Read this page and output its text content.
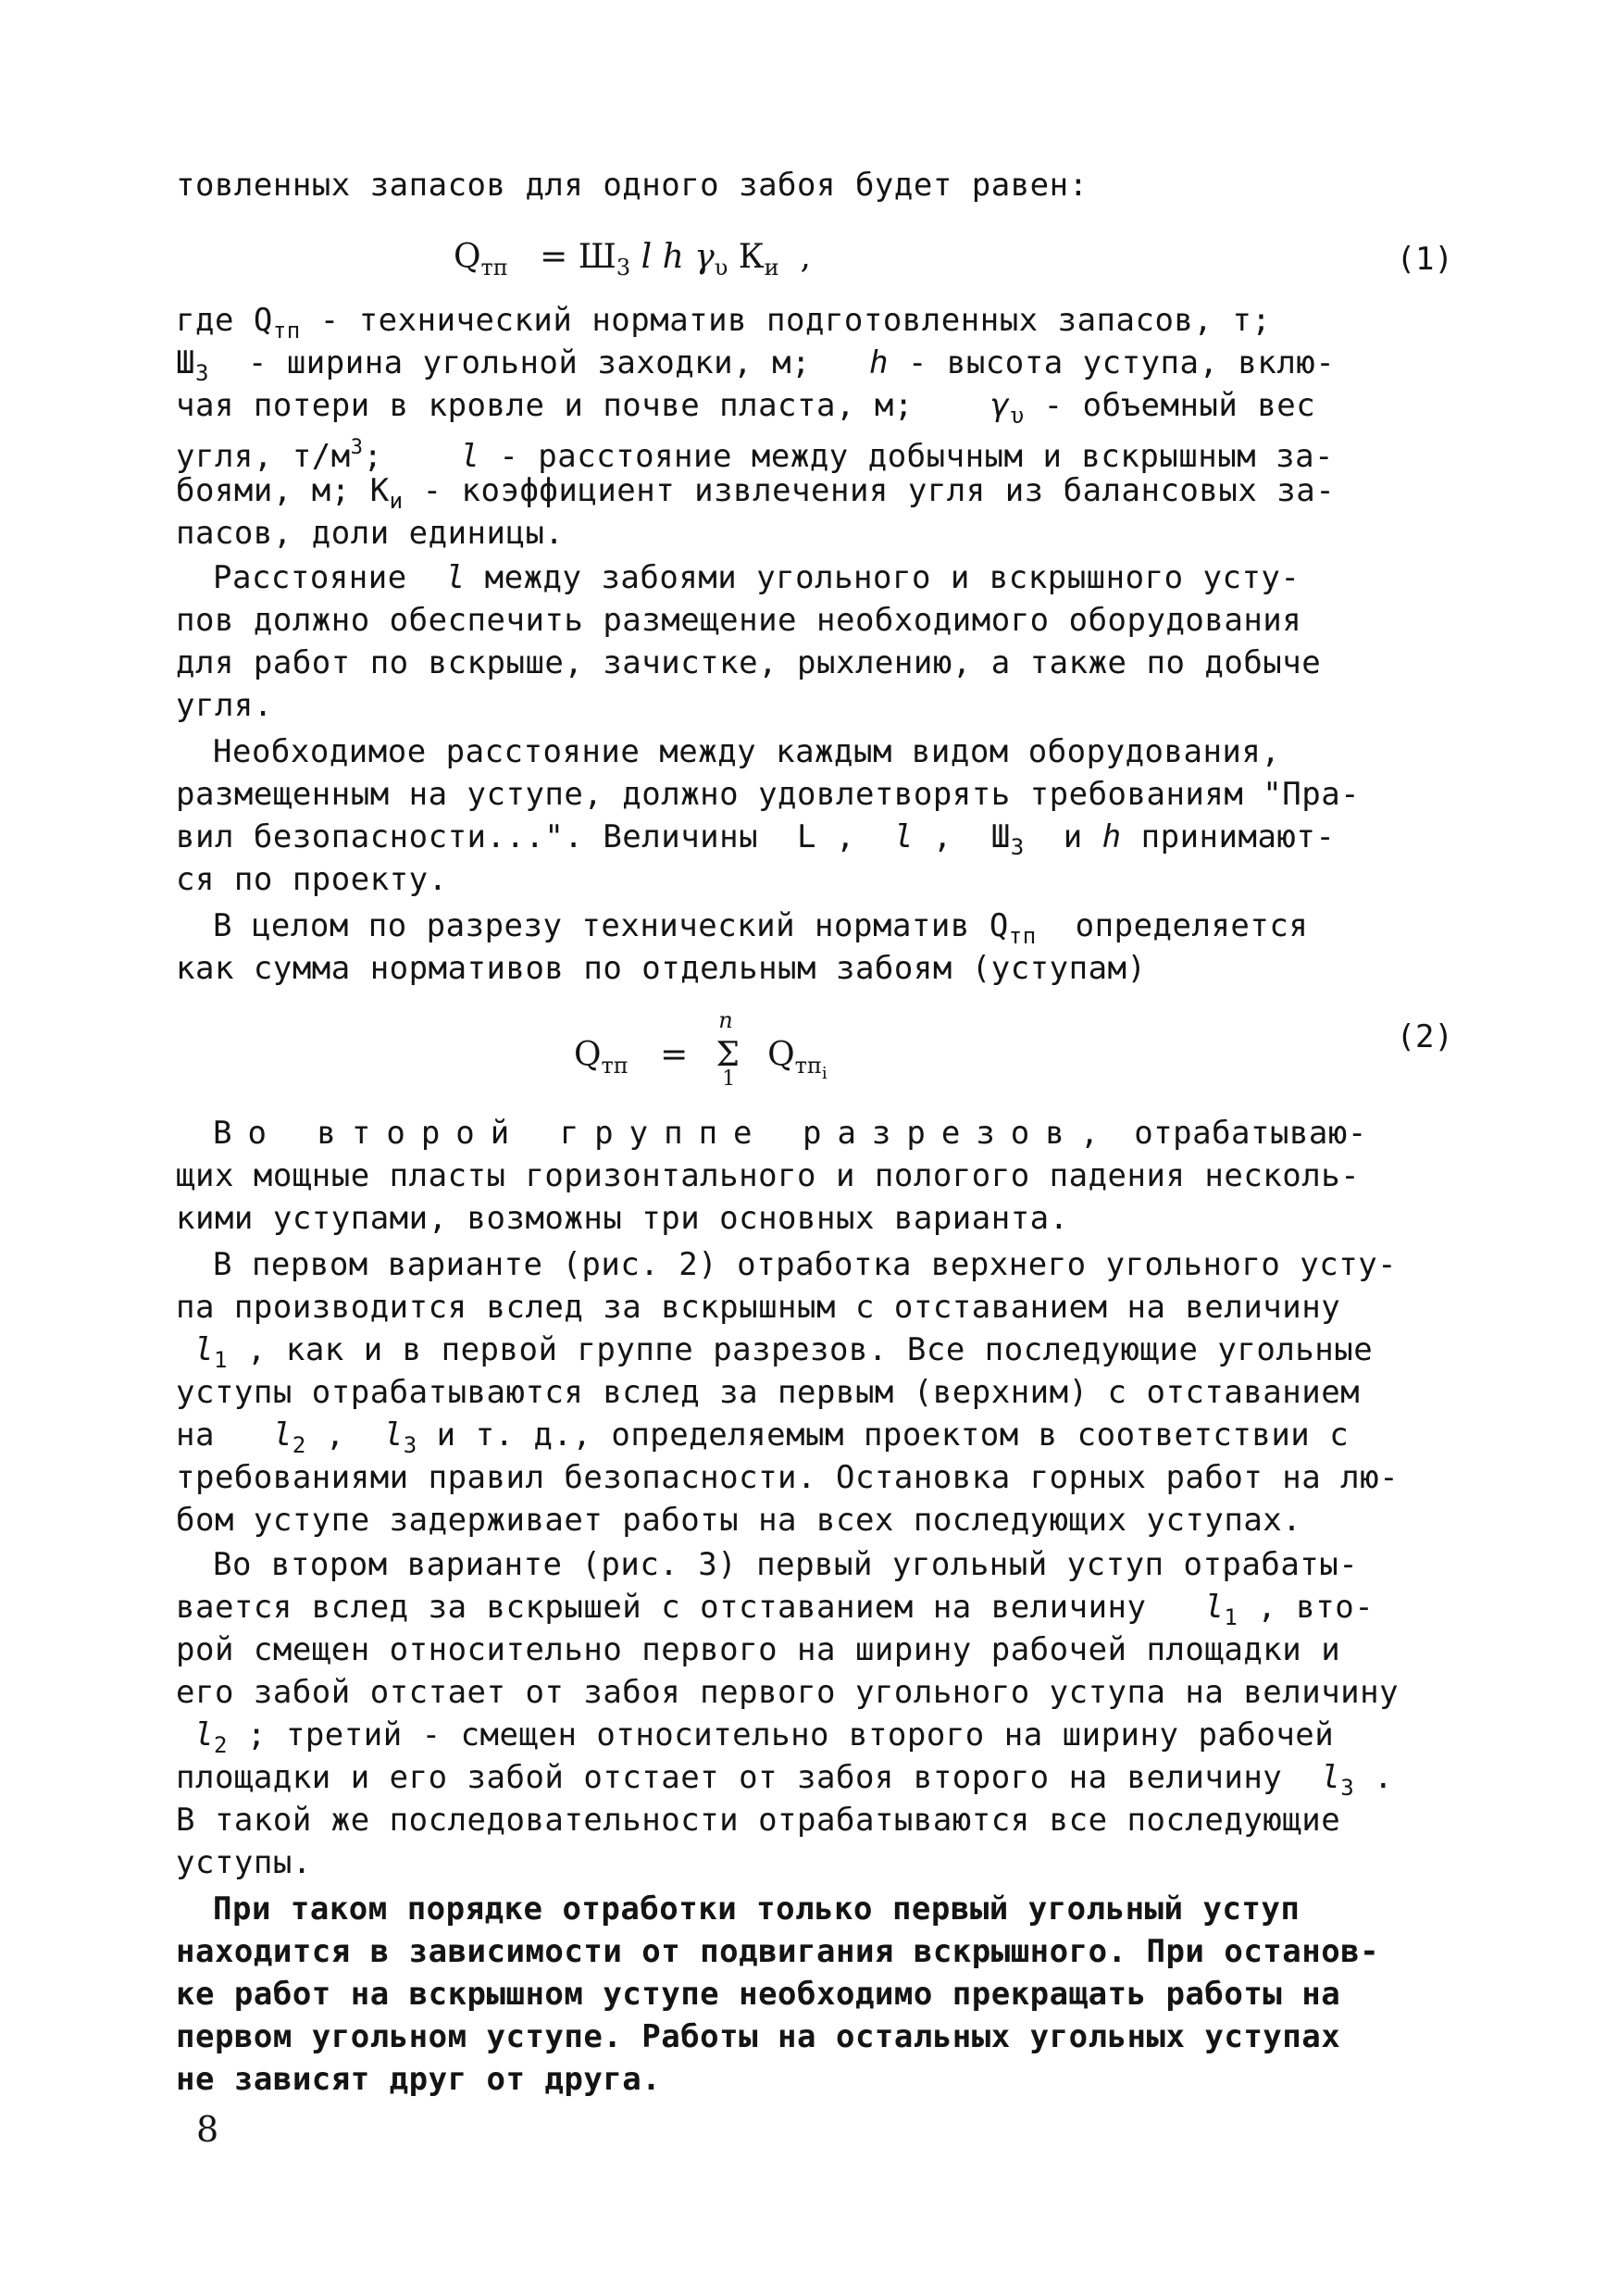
товленных запасов для одного забоя будет равен:
$Q_{тп} = Ш_3$ l h $\gamma_\upsilon$ $К_и$ ,	(1)
где $Q_{тп}$ - технический норматив подготовленных запасов, т;
$Ш_3$ - ширина угольной заходки, м; h - высота уступа, вклю-
чая потери в кровле и почве пласта, м; $\gamma_\upsilon$ - объемный вес
угля, $т/м^3$;    l - расстояние между добычным и вскрышным за-
боями, м; $К_и$ - коэффициент извлечения угля из балансовых за-
пасов, доли единицы.
Расстояние l между забоями угольного и вскрышного усту-
пов должно обеспечить размещение необходимого оборудования
для работ по вскрыше, зачистке, рыхлению, а также по добыче
угля.
Необходимое расстояние между каждым видом оборудования,
размещенным на уступе, должно удовлетворять требованиям "Пра-
вил безопасности...". Величины L ,  l ,  $Ш_3$ и h принимают-
ся по проекту.
В целом по разрезу технический норматив $Q_{тп}$ определяется
как сумма нормативов по отдельным забоям (уступам)
$Q_{тп}$ =
n
Σ
1
$Q_{тп_i}$
(2)
Во второй группе разрезов, отрабатываю-
щих мощные пласты горизонтального и пологого падения несколь-
кими уступами, возможны три основных варианта.
В первом варианте (рис. 2) отработка верхнего угольного усту-
па производится вслед за вскрышным с отставанием на величину
$l_1$ , как и в первой группе разрезов. Все последующие угольные
уступы отрабатываются вслед за первым (верхним) с отставанием
на $l_2$ ,  $l_3$ и т. д., определяемым проектом в соответствии с
требованиями правил безопасности. Остановка горных работ на лю-
бом уступе задерживает работы на всех последующих уступах.
Во втором варианте (рис. 3) первый угольный уступ отрабаты-
вается вслед за вскрышей с отставанием на величину $l_1$ , вто-
рой смещен относительно первого на ширину рабочей площадки и
его забой отстает от забоя первого угольного уступа на величину
$l_2$ ; третий - смещен относительно второго на ширину рабочей
площадки и его забой отстает от забоя второго на величину $l_3$ .
В такой же последовательности отрабатываются все последующие
уступы.
При таком порядке отработки только первый угольный уступ
находится в зависимости от подвигания вскрышного. При останов-
ке работ на вскрышном уступе необходимо прекращать работы на
первом угольном уступе. Работы на остальных угольных уступах
не зависят друг от друга.
8
